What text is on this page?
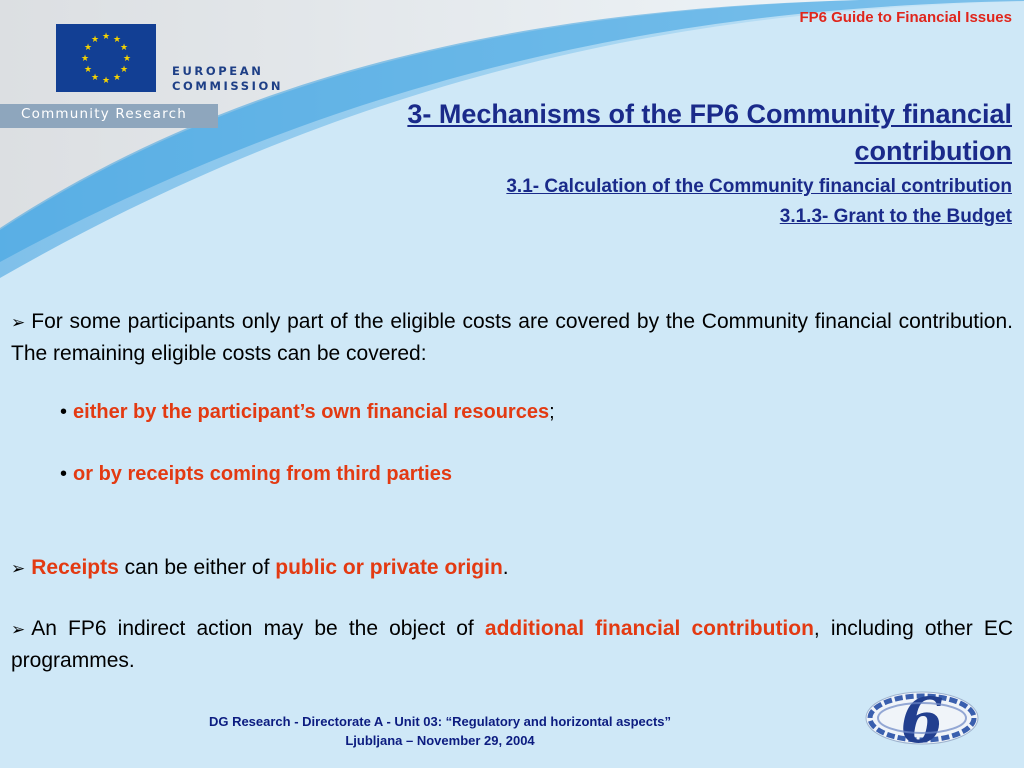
★ ★
★
★
★
★
★
★
★
★
★
★
EUROPEAN
COMMISSION
Community Research
FP6 Guide to Financial Issues
3- Mechanisms of the FP6 Community financial contribution
3.1- Calculation of the Community financial contribution
3.1.3- Grant to the Budget
➢ For some participants only part of the eligible costs are covered by the Community financial contribution. The remaining eligible costs can be covered:
• either by the participant’s own financial resources;
• or by receipts coming from third parties
➢ Receipts can be either of public or private origin.
➢ An FP6 indirect action may be the object of additional financial contribution, including other EC programmes.
DG Research - Directorate A - Unit 03: “Regulatory and horizontal aspects”
Ljubljana – November 29, 2004	6
